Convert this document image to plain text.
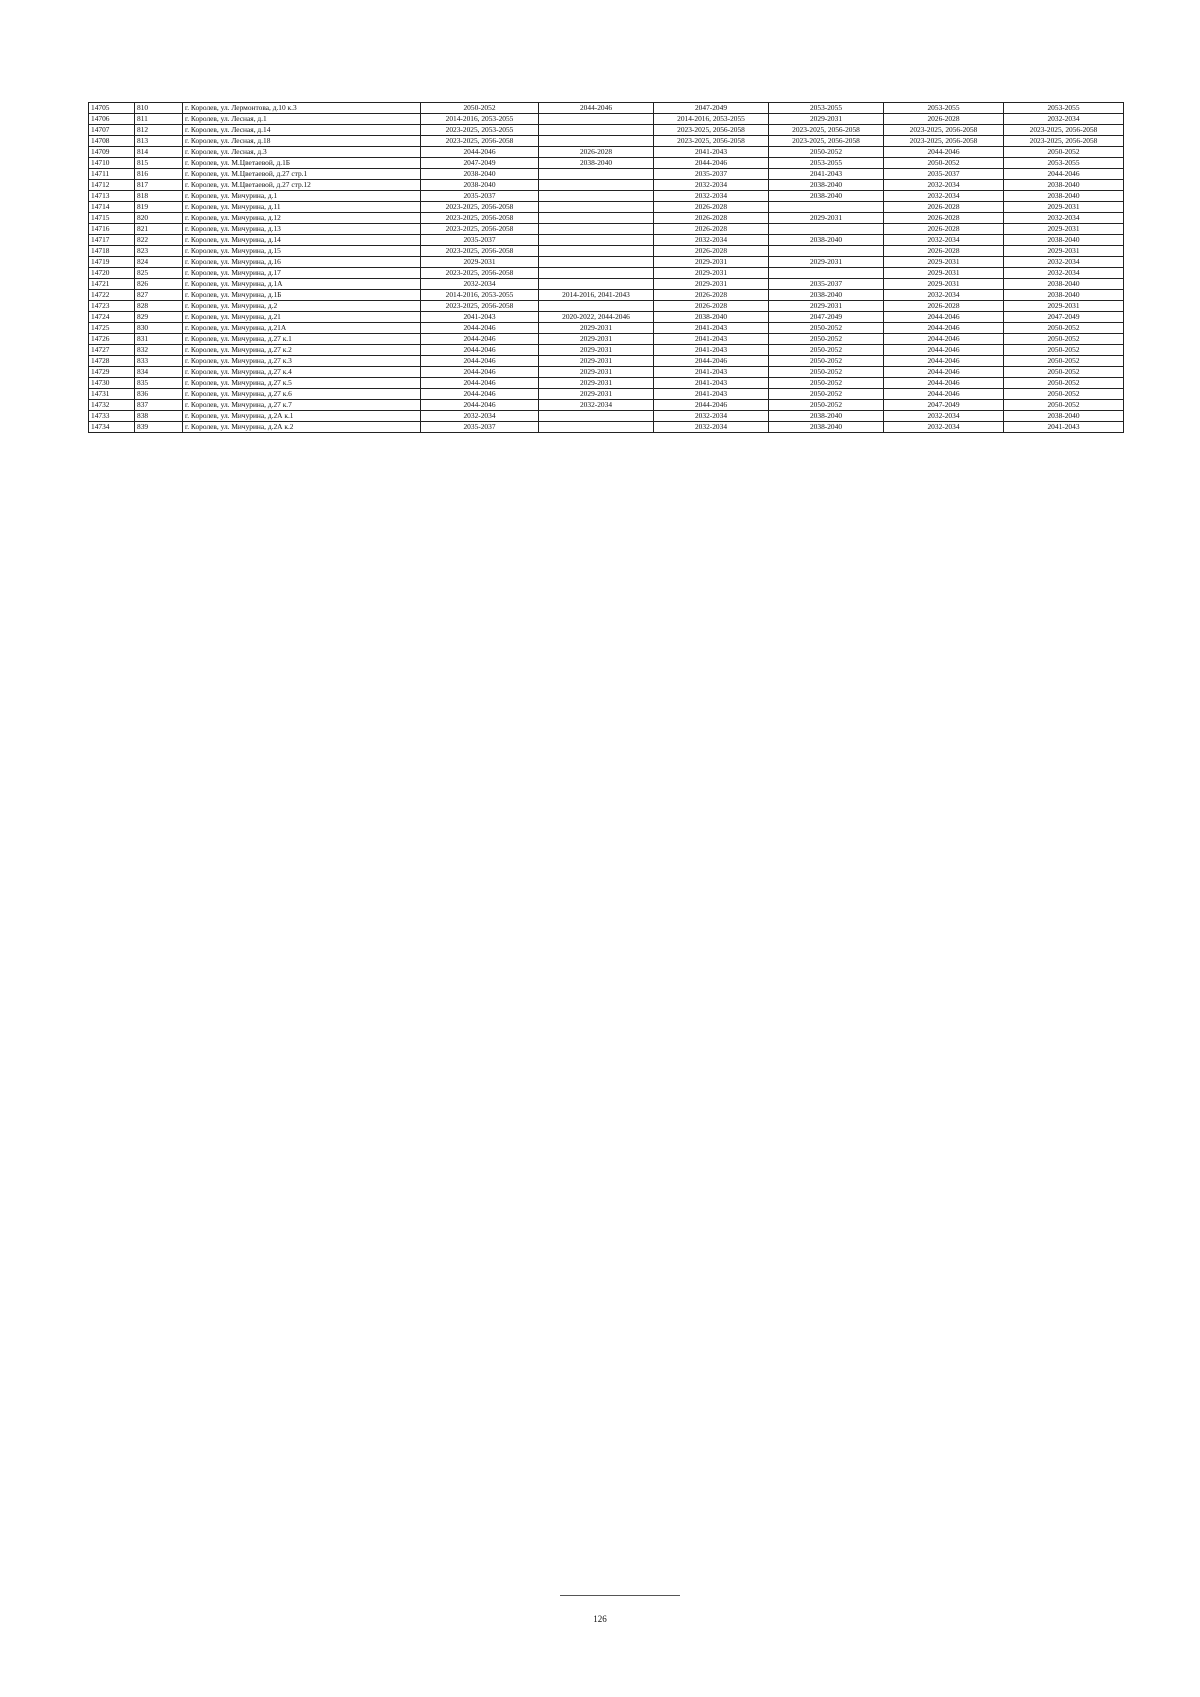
14705	810	г. Королев, ул. Лермонтова, д.10 к.3	2050-2052	2044-2046	2047-2049	2053-2055	2053-2055	2053-2055
14706	811	г. Королев, ул. Лесная, д.1	2014-2016, 2053-2055		2014-2016, 2053-2055	2029-2031	2026-2028	2032-2034
14707	812	г. Королев, ул. Лесная, д.14	2023-2025, 2053-2055		2023-2025, 2056-2058	2023-2025, 2056-2058	2023-2025, 2056-2058	2023-2025, 2056-2058
14708	813	г. Королев, ул. Лесная, д.18	2023-2025, 2056-2058		2023-2025, 2056-2058	2023-2025, 2056-2058	2023-2025, 2056-2058	2023-2025, 2056-2058
14709	814	г. Королев, ул. Лесная, д.3	2044-2046	2026-2028	2041-2043	2050-2052	2044-2046	2050-2052
14710	815	г. Королев, ул. М.Цветаевой, д.1Б	2047-2049	2038-2040	2044-2046	2053-2055	2050-2052	2053-2055
14711	816	г. Королев, ул. М.Цветаевой, д.27 стр.1	2038-2040		2035-2037	2041-2043	2035-2037	2044-2046
14712	817	г. Королев, ул. М.Цветаевой, д.27 стр.12	2038-2040		2032-2034	2038-2040	2032-2034	2038-2040
14713	818	г. Королев, ул. Мичурина, д.1	2035-2037		2032-2034	2038-2040	2032-2034	2038-2040
14714	819	г. Королев, ул. Мичурина, д.11	2023-2025, 2056-2058		2026-2028		2026-2028	2029-2031
14715	820	г. Королев, ул. Мичурина, д.12	2023-2025, 2056-2058		2026-2028	2029-2031	2026-2028	2032-2034
14716	821	г. Королев, ул. Мичурина, д.13	2023-2025, 2056-2058		2026-2028		2026-2028	2029-2031
14717	822	г. Королев, ул. Мичурина, д.14	2035-2037		2032-2034	2038-2040	2032-2034	2038-2040
14718	823	г. Королев, ул. Мичурина, д.15	2023-2025, 2056-2058		2026-2028		2026-2028	2029-2031
14719	824	г. Королев, ул. Мичурина, д.16	2029-2031		2029-2031	2029-2031	2029-2031	2032-2034
14720	825	г. Королев, ул. Мичурина, д.17	2023-2025, 2056-2058		2029-2031		2029-2031	2032-2034
14721	826	г. Королев, ул. Мичурина, д.1А	2032-2034		2029-2031	2035-2037	2029-2031	2038-2040
14722	827	г. Королев, ул. Мичурина, д.1Б	2014-2016, 2053-2055	2014-2016, 2041-2043	2026-2028	2038-2040	2032-2034	2038-2040
14723	828	г. Королев, ул. Мичурина, д.2	2023-2025, 2056-2058		2026-2028	2029-2031	2026-2028	2029-2031
14724	829	г. Королев, ул. Мичурина, д.21	2041-2043	2020-2022, 2044-2046	2038-2040	2047-2049	2044-2046	2047-2049
14725	830	г. Королев, ул. Мичурина, д.21А	2044-2046	2029-2031	2041-2043	2050-2052	2044-2046	2050-2052
14726	831	г. Королев, ул. Мичурина, д.27 к.1	2044-2046	2029-2031	2041-2043	2050-2052	2044-2046	2050-2052
14727	832	г. Королев, ул. Мичурина, д.27 к.2	2044-2046	2029-2031	2041-2043	2050-2052	2044-2046	2050-2052
14728	833	г. Королев, ул. Мичурина, д.27 к.3	2044-2046	2029-2031	2044-2046	2050-2052	2044-2046	2050-2052
14729	834	г. Королев, ул. Мичурина, д.27 к.4	2044-2046	2029-2031	2041-2043	2050-2052	2044-2046	2050-2052
14730	835	г. Королев, ул. Мичурина, д.27 к.5	2044-2046	2029-2031	2041-2043	2050-2052	2044-2046	2050-2052
14731	836	г. Королев, ул. Мичурина, д.27 к.6	2044-2046	2029-2031	2041-2043	2050-2052	2044-2046	2050-2052
14732	837	г. Королев, ул. Мичурина, д.27 к.7	2044-2046	2032-2034	2044-2046	2050-2052	2047-2049	2050-2052
14733	838	г. Королев, ул. Мичурина, д.2А к.1	2032-2034		2032-2034	2038-2040	2032-2034	2038-2040
14734	839	г. Королев, ул. Мичурина, д.2А к.2	2035-2037		2032-2034	2038-2040	2032-2034	2041-2043
126
